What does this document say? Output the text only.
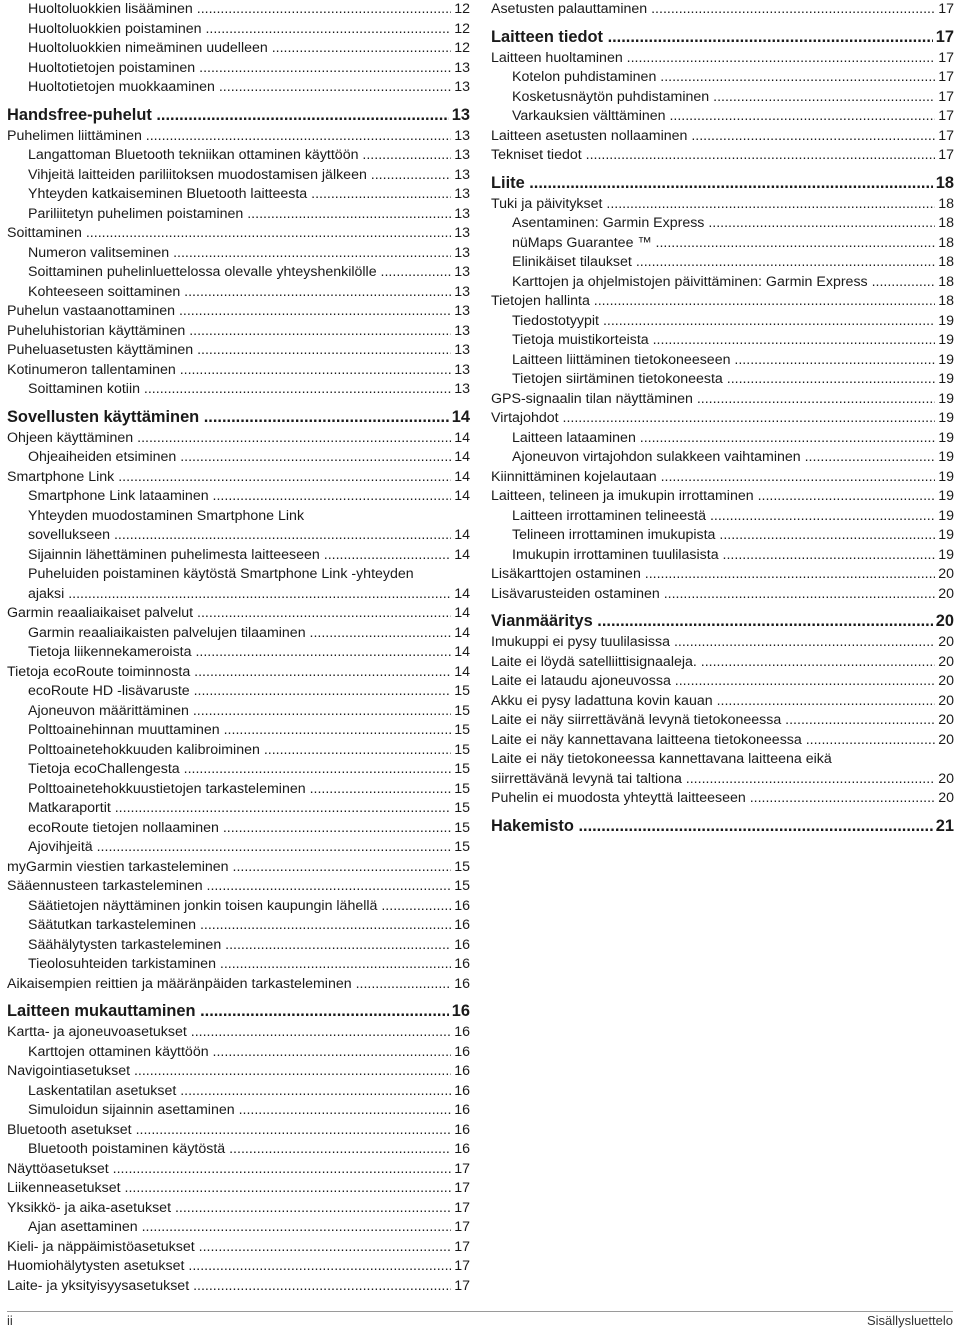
Huoltoluokkien lisääminen .....	12
Huoltoluokkien poistaminen .....	12
Huoltoluokkien nimeäminen uudelleen .....	12
Huoltotietojen poistaminen .....	13
Huoltotietojen muokkaaminen .....	13
Handsfree-puhelut .....	13
Puhelimen liittäminen .....	13
Langattoman Bluetooth tekniikan ottaminen käyttöön .....	13
Vihjeitä laitteiden pariliitoksen muodostamisen jälkeen .....	13
Yhteyden katkaiseminen Bluetooth laitteesta .....	13
Pariliitetyn puhelimen poistaminen .....	13
Soittaminen .....	13
Numeron valitseminen .....	13
Soittaminen puhelinluettelossa olevalle yhteyshenkilölle .....	13
Kohteeseen soittaminen .....	13
Puhelun vastaanottaminen .....	13
Puheluhistorian käyttäminen .....	13
Puheluasetusten käyttäminen .....	13
Kotinumeron tallentaminen .....	13
Soittaminen kotiin .....	13
Sovellusten käyttäminen .....	14
Ohjeen käyttäminen .....	14
Ohjeaiheiden etsiminen .....	14
Smartphone Link .....	14
Smartphone Link lataaminen .....	14
Yhteyden muodostaminen Smartphone Link
sovellukseen .....	14
Sijainnin lähettäminen puhelimesta laitteeseen .....	14
Puheluiden poistaminen käytöstä Smartphone Link -yhteyden
ajaksi .....	14
Garmin reaaliaikaiset palvelut .....	14
Garmin reaaliaikaisten palvelujen tilaaminen .....	14
Tietoja liikennekameroista .....	14
Tietoja ecoRoute toiminnosta .....	14
ecoRoute HD -lisävaruste .....	15
Ajoneuvon määrittäminen .....	15
Polttoainehinnan muuttaminen .....	15
Polttoainetehokkuuden kalibroiminen .....	15
Tietoja ecoChallengesta .....	15
Polttoainetehokkuustietojen tarkasteleminen .....	15
Matkaraportit .....	15
ecoRoute tietojen nollaaminen .....	15
Ajovihjeitä .....	15
myGarmin viestien tarkasteleminen .....	15
Sääennusteen tarkasteleminen .....	15
Säätietojen näyttäminen jonkin toisen kaupungin lähellä .....	16
Säätutkan tarkasteleminen .....	16
Säähälytysten tarkasteleminen .....	16
Tieolosuhteiden tarkistaminen .....	16
Aikaisempien reittien ja määränpäiden tarkasteleminen .....	16
Laitteen mukauttaminen .....	16
Kartta- ja ajoneuvoasetukset .....	16
Karttojen ottaminen käyttöön .....	16
Navigointiasetukset .....	16
Laskentatilan asetukset .....	16
Simuloidun sijainnin asettaminen .....	16
Bluetooth asetukset .....	16
Bluetooth poistaminen käytöstä .....	16
Näyttöasetukset .....	17
Liikenneasetukset .....	17
Yksikkö- ja aika-asetukset .....	17
Ajan asettaminen .....	17
Kieli- ja näppäimistöasetukset .....	17
Huomiohälytysten asetukset .....	17
Laite- ja yksityisyysasetukset .....	17
Asetusten palauttaminen .....	17
Laitteen tiedot .....	17
Laitteen huoltaminen .....	17
Kotelon puhdistaminen .....	17
Kosketusnäytön puhdistaminen .....	17
Varkauksien välttäminen .....	17
Laitteen asetusten nollaaminen .....	17
Tekniset tiedot .....	17
Liite .....	18
Tuki ja päivitykset .....	18
Asentaminen: Garmin Express .....	18
nüMaps Guarantee ™ .....	18
Elinikäiset tilaukset .....	18
Karttojen ja ohjelmistojen päivittäminen: Garmin Express .....	18
Tietojen hallinta .....	18
Tiedostotyypit .....	19
Tietoja muistikorteista .....	19
Laitteen liittäminen tietokoneeseen .....	19
Tietojen siirtäminen tietokoneesta .....	19
GPS-signaalin tilan näyttäminen .....	19
Virtajohdot .....	19
Laitteen lataaminen .....	19
Ajoneuvon virtajohdon sulakkeen vaihtaminen .....	19
Kiinnittäminen kojelautaan .....	19
Laitteen, telineen ja imukupin irrottaminen .....	19
Laitteen irrottaminen telineestä .....	19
Telineen irrottaminen imukupista .....	19
Imukupin irrottaminen tuulilasista .....	19
Lisäkarttojen ostaminen .....	20
Lisävarusteiden ostaminen .....	20
Vianmääritys .....	20
Imukuppi ei pysy tuulilasissa .....	20
Laite ei löydä satelliittisignaaleja. .....	20
Laite ei lataudu ajoneuvossa .....	20
Akku ei pysy ladattuna kovin kauan .....	20
Laite ei näy siirrettävänä levynä tietokoneessa .....	20
Laite ei näy kannettavana laitteena tietokoneessa .....	20
Laite ei näy tietokoneessa kannettavana laitteena eikä
siirrettävänä levynä tai taltiona .....	20
Puhelin ei muodosta yhteyttä laitteeseen .....	20
Hakemisto .....	21
ii	Sisällysluettelo
